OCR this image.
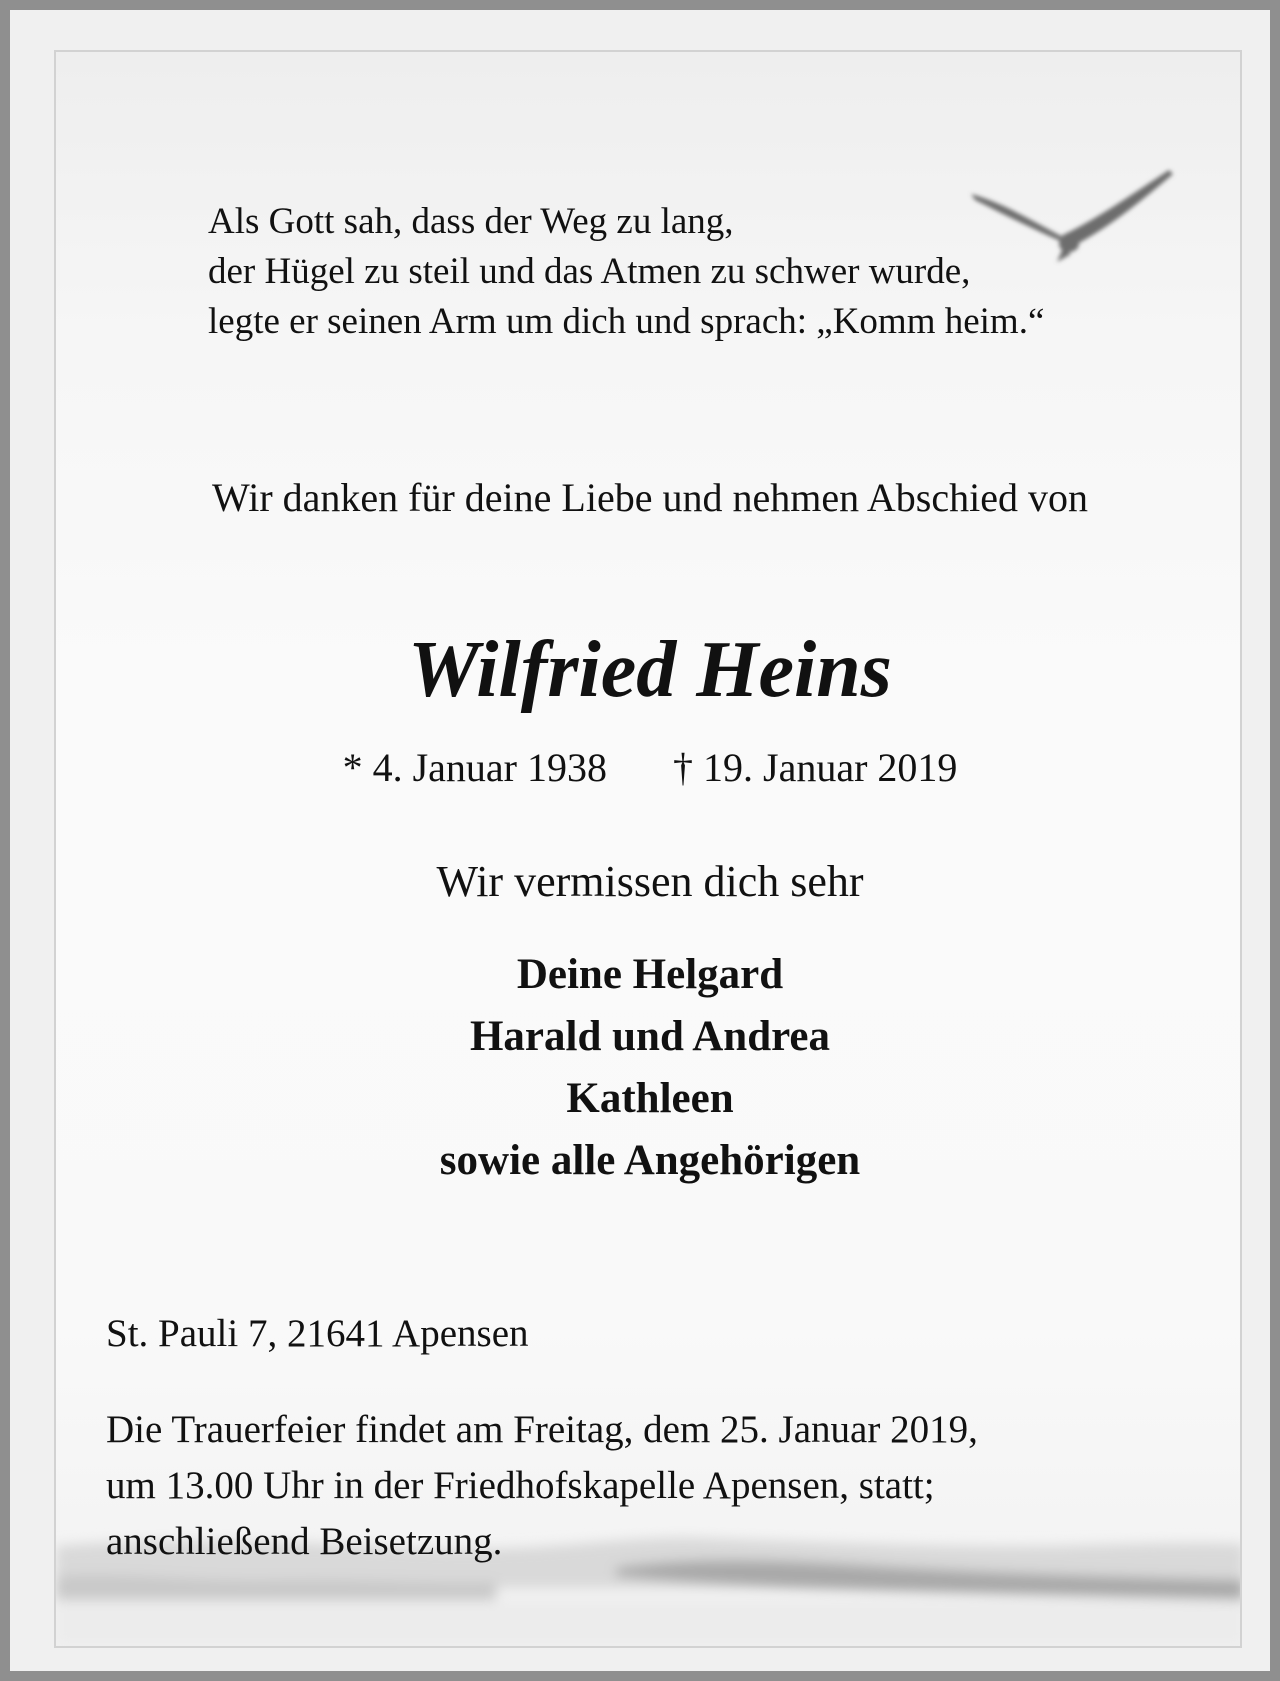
Als Gott sah, dass der Weg zu lang,
der Hügel zu steil und das Atmen zu schwer wurde,
legte er seinen Arm um dich und sprach: „Komm heim.“

Wir danken für deine Liebe und nehmen Abschied von
Wilfried Heins
* 4. Januar 1938 † 19. Januar 2019
Wir vermissen dich sehr
Deine Helgard
Harald und Andrea
Kathleen
sowie alle Angehörigen
St. Pauli 7, 21641 Apensen
Die Trauerfeier findet am Freitag, dem 25. Januar 2019,
um 13.00 Uhr in der Friedhofskapelle Apensen, statt;
anschließend Beisetzung.
